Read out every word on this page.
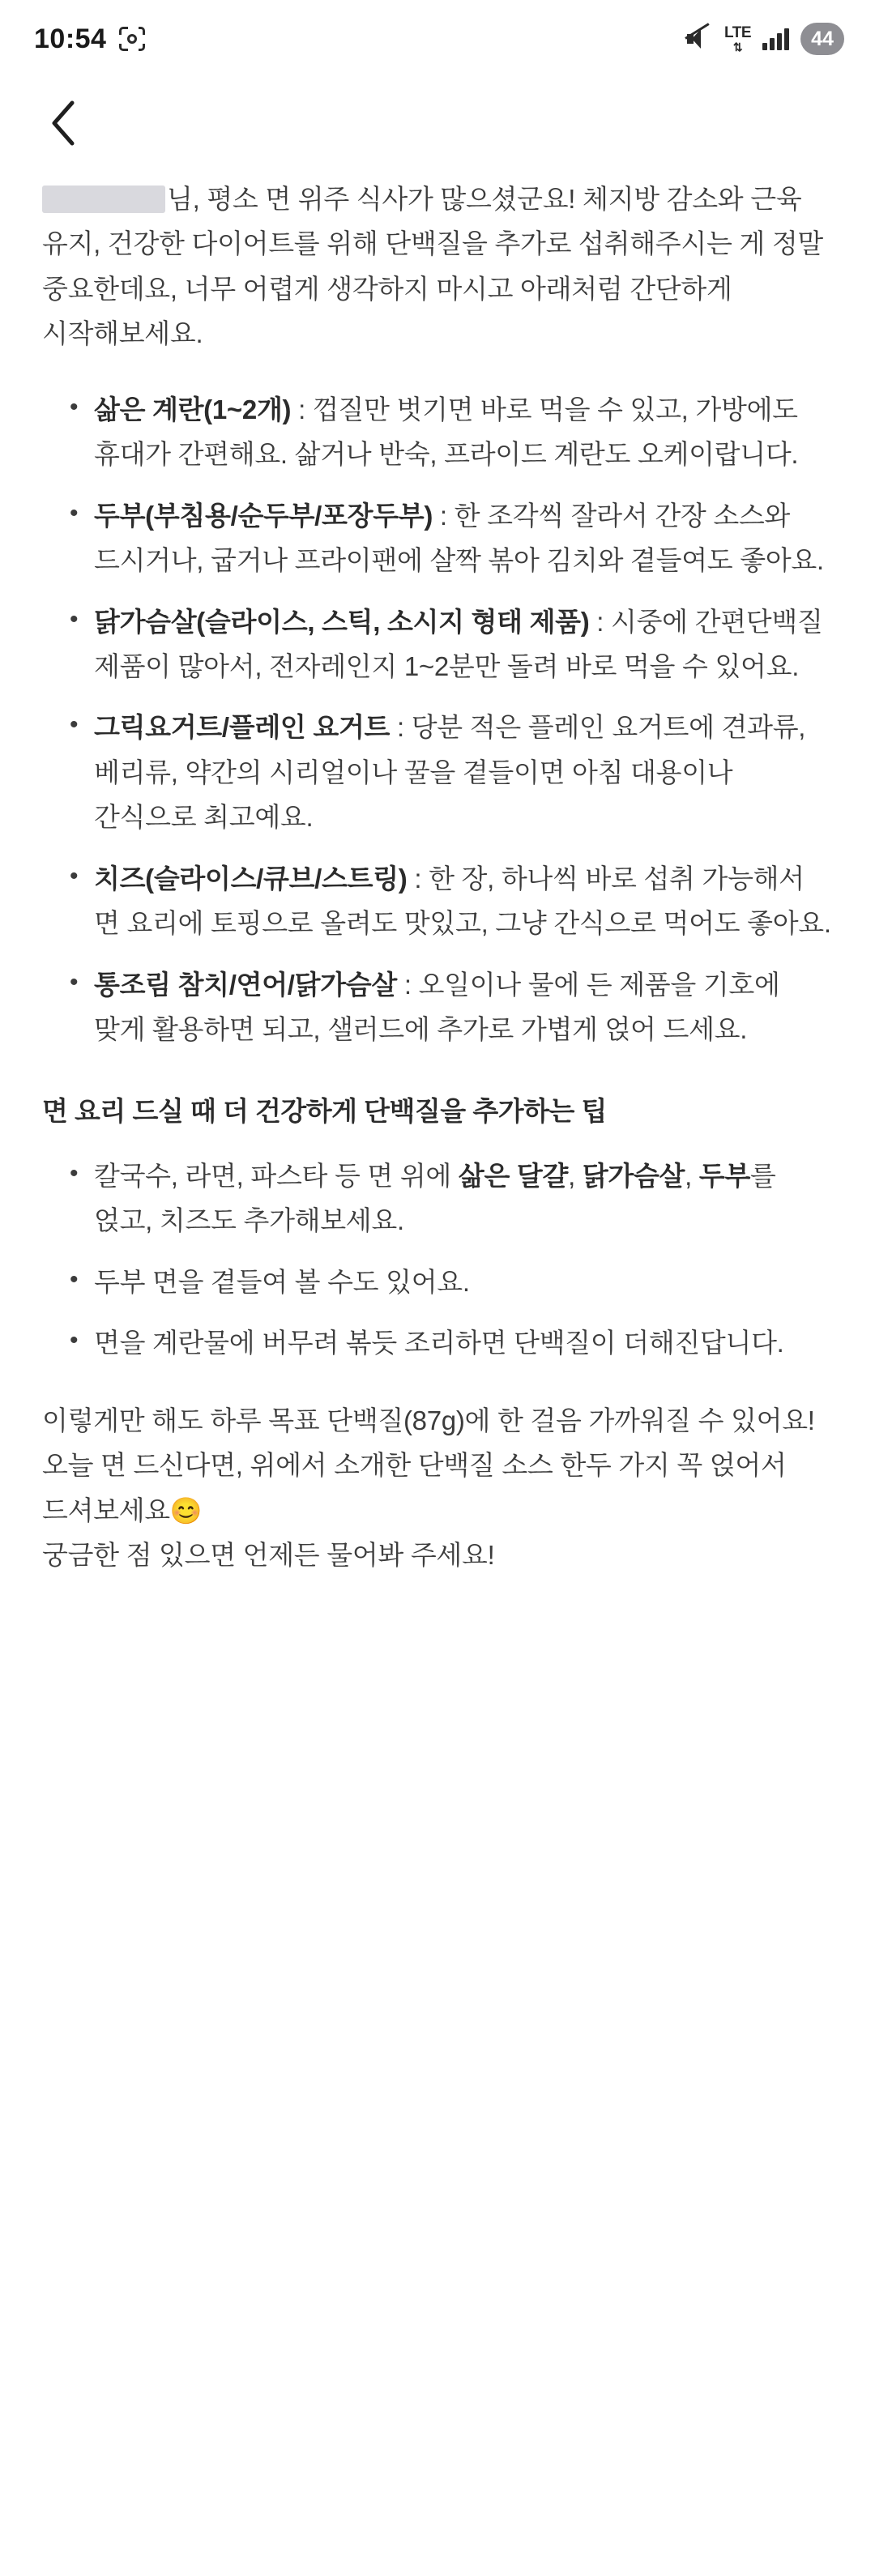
10:54	LTE
⇅	44

님, 평소 면 위주 식사가 많으셨군요! 체지방 감소와 근육 유지, 건강한 다이어트를 위해 단백질을 추가로 섭취해주시는 게 정말 중요한데요, 너무 어렵게 생각하지 마시고 아래처럼 간단하게 시작해보세요.

• 삶은 계란(1~2개) : 껍질만 벗기면 바로 먹을 수 있고, 가방에도 휴대가 간편해요. 삶거나 반숙, 프라이드 계란도 오케이랍니다.
• 두부(부침용/순두부/포장두부) : 한 조각씩 잘라서 간장 소스와 드시거나, 굽거나 프라이팬에 살짝 볶아 김치와 곁들여도 좋아요.
• 닭가슴살(슬라이스, 스틱, 소시지 형태 제품) : 시중에 간편단백질 제품이 많아서, 전자레인지 1~2분만 돌려 바로 먹을 수 있어요.
• 그릭요거트/플레인 요거트 : 당분 적은 플레인 요거트에 견과류, 베리류, 약간의 시리얼이나 꿀을 곁들이면 아침 대용이나 간식으로 최고예요.
• 치즈(슬라이스/큐브/스트링) : 한 장, 하나씩 바로 섭취 가능해서 면 요리에 토핑으로 올려도 맛있고, 그냥 간식으로 먹어도 좋아요.
• 통조림 참치/연어/닭가슴살 : 오일이나 물에 든 제품을 기호에 맞게 활용하면 되고, 샐러드에 추가로 가볍게 얹어 드세요.
면 요리 드실 때 더 건강하게 단백질을 추가하는 팁
• 칼국수, 라면, 파스타 등 면 위에 삶은 달걀, 닭가슴살, 두부를 얹고, 치즈도 추가해보세요.
• 두부 면을 곁들여 볼 수도 있어요.
• 면을 계란물에 버무려 볶듯 조리하면 단백질이 더해진답니다.

이렇게만 해도 하루 목표 단백질(87g)에 한 걸음 가까워질 수 있어요! 오늘 면 드신다면, 위에서 소개한 단백질 소스 한두 가지 꼭 얹어서 드셔보세요😊
궁금한 점 있으면 언제든 물어봐 주세요!
